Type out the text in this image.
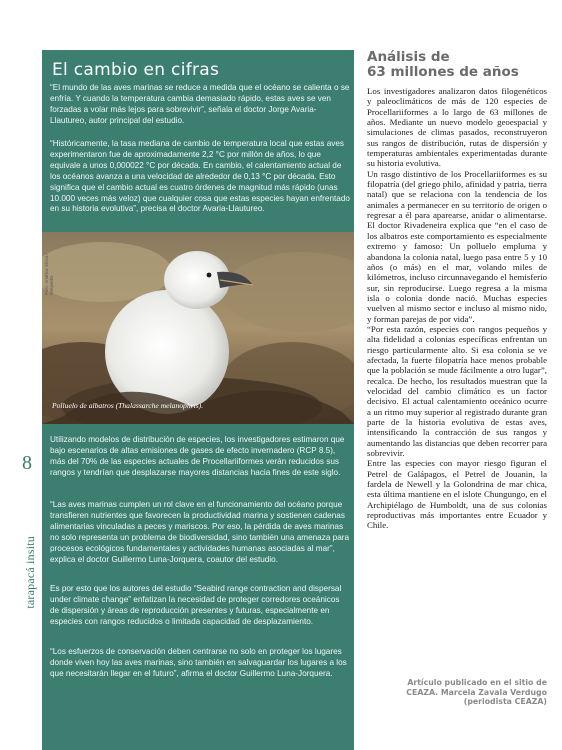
8
tarapacá insitu
El cambio en cifras

“El mundo de las aves marinas se reduce a medida que el océano se calienta o se enfría. Y cuando la temperatura cambia demasiado rápido, estas aves se ven forzadas a volar más lejos para sobrevivir”, señala el doctor Jorge Avaria-Llautureo, autor principal del estudio.

“Históricamente, la tasa mediana de cambio de temperatura local que estas aves experimentaron fue de aproximadamente 2,2 °C por millón de años, lo que equivale a unos 0,000022 °C por década. En cambio, el calentamiento actual de los océanos avanza a una velocidad de alrededor de 0,13 °C por década. Esto significa que el cambio actual es cuatro órdenes de magnitud más rápido (unas 10.000 veces más veloz) que cualquier cosa que estas especies hayan enfrentado en su historia evolutiva”, precisa el doctor Avaria-Llautureo.

Foto: Andrew Shiva / Wikipedia
Polluelo de albatros (Thalassarche melanophris).

Utilizando modelos de distribución de especies, los investigadores estimaron que bajo escenarios de altas emisiones de gases de efecto invernadero (RCP 8.5), más del 70% de las especies actuales de Procellariiformes verán reducidos sus rangos y tendrían que desplazarse mayores distancias hacia fines de este siglo.

“Las aves marinas cumplen un rol clave en el funcionamiento del océano porque transfieren nutrientes que favorecen la productividad marina y sostienen cadenas alimentarias vinculadas a peces y mariscos. Por eso, la pérdida de aves marinas no solo representa un problema de biodiversidad, sino también una amenaza para procesos ecológicos fundamentales y actividades humanas asociadas al mar”, explica el doctor Guillermo Luna-Jorquera, coautor del estudio.

Es por esto que los autores del estudio “Seabird range contraction and dispersal under climate change” enfatizan la necesidad de proteger corredores oceánicos de dispersión y áreas de reproducción presentes y futuras, especialmente en especies con rangos reducidos o limitada capacidad de desplazamiento.

“Los esfuerzos de conservación deben centrarse no solo en proteger los lugares donde viven hoy las aves marinas, sino también en salvaguardar los lugares a los que necesitarán llegar en el futuro”, afirma el doctor Guillermo Luna-Jorquera.

Análisis de
63 millones de años

Los investigadores analizaron datos filogenéticos y paleoclimáticos de más de 120 especies de Procellariiformes a lo largo de 63 millones de años. Mediante un nuevo modelo geoespacial y simulaciones de climas pasados, reconstruyeron sus rangos de distribución, rutas de dispersión y temperaturas ambientales experimentadas durante su historia evolutiva.

Un rasgo distintivo de los Procellariiformes es su filopatría (del griego philo, afinidad y patria, tierra natal) que se relaciona con la tendencia de los animales a permanecer en su territorio de origen o regresar a él para aparearse, anidar o alimentarse. El doctor Rivadeneira explica que “en el caso de los albatros este comportamiento es especialmente extremo y famoso: Un polluelo empluma y abandona la colonia natal, luego pasa entre 5 y 10 años (o más) en el mar, volando miles de kilómetros, incluso circunnavegando el hemisferio sur, sin reproducirse. Luego regresa a la misma isla o colonia donde nació. Muchas especies vuelven al mismo sector e incluso al mismo nido, y forman parejas de por vida”.

“Por esta razón, especies con rangos pequeños y alta fidelidad a colonias específicas enfrentan un riesgo particularmente alto. Si esa colonia se ve afectada, la fuerte filopatría hace menos probable que la población se mude fácilmente a otro lugar”, recalca. De hecho, los resultados muestran que la velocidad del cambio climático es un factor decisivo. El actual calentamiento oceánico ocurre a un ritmo muy superior al registrado durante gran parte de la historia evolutiva de estas aves, intensificando la contracción de sus rangos y aumentando las distancias que deben recorrer para sobrevivir.

Entre las especies con mayor riesgo figuran el Petrel de Galápagos, el Petrel de Jouanin, la fardela de Newell y la Golondrina de mar chica, esta última mantiene en el islote Chungungo, en el Archipiélago de Humboldt, una de sus colonias reproductivas más importantes entre Ecuador y Chile.

Artículo publicado en el sitio de
CEAZA. Marcela Zavala Verdugo
(periodista CEAZA)
